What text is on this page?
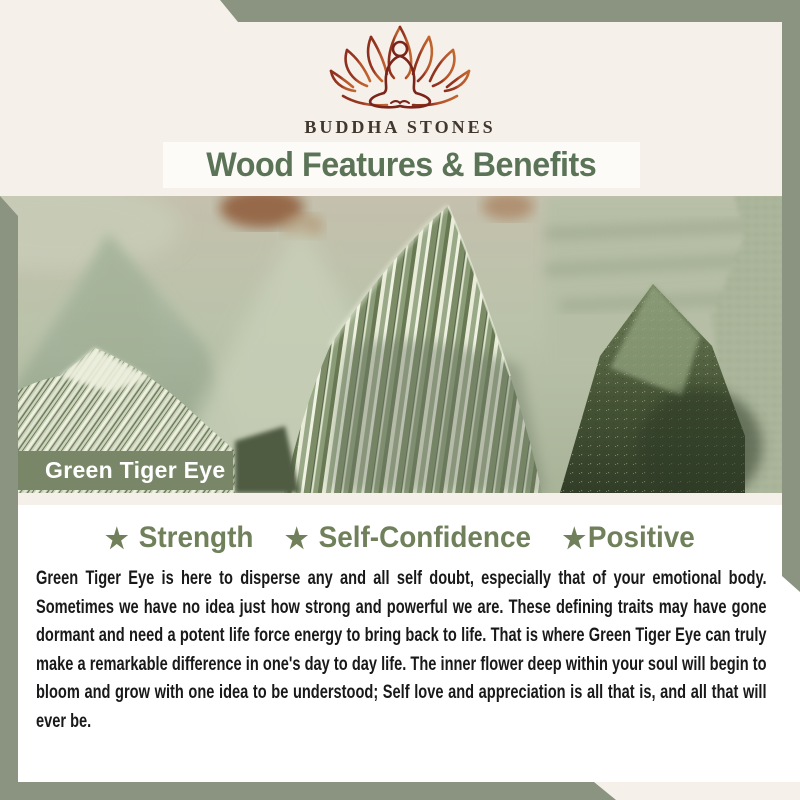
BUDDHA STONES
Wood Features & Benefits
Green Tiger Eye
★ Strength ★ Self-Confidence ★ Positive

Green Tiger Eye is here to disperse any and all self doubt, especially that of your emotional body. Sometimes we have no idea just how strong and powerful we are. These defining traits may have gone dormant and need a potent life force energy to bring back to life. That is where Green Tiger Eye can truly make a remarkable difference in one's day to day life. The inner flower deep within your soul will begin to bloom and grow with one idea to be understood; Self love and appreciation is all that is, and all that will ever be.
